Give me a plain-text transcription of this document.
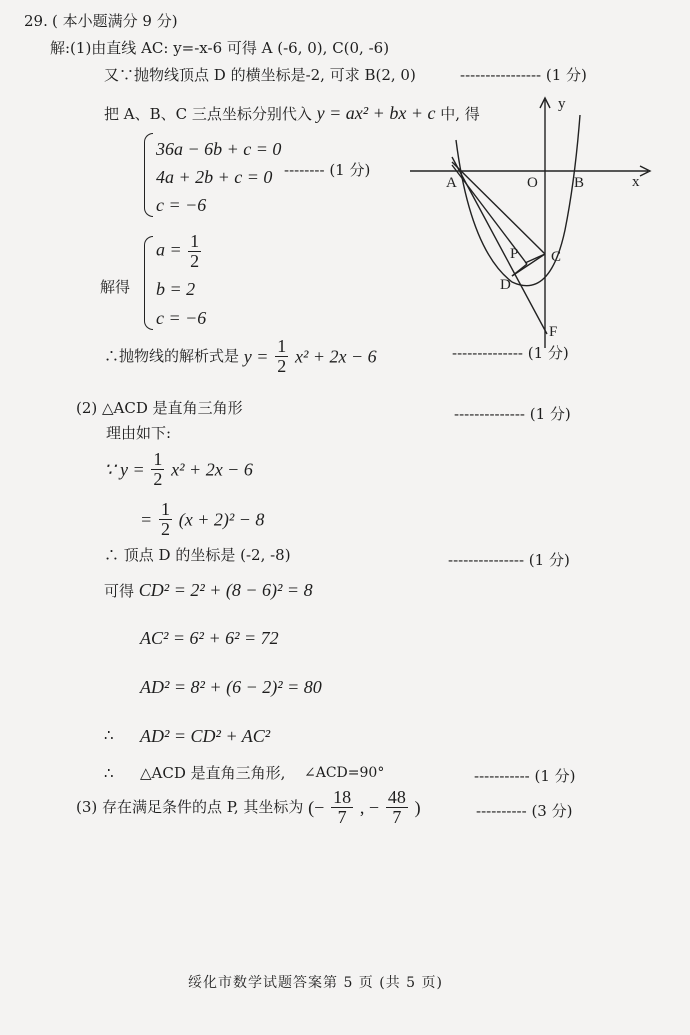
29. ( 本小题满分 9 分)
解:(1)由直线 AC: y=-x-6 可得 A (-6, 0), C(0, -6)
又∵抛物线顶点 D 的横坐标是-2, 可求 B(2, 0)	---------------- (1 分)
把 A、B、C 三点坐标分别代入 y = ax² + bx + c 中, 得
36a − 6b + c = 0
4a + 2b + c = 0
c = −6
-------- (1 分)
解得
$a = \frac{1}{2}$
b = 2
c = −6
∴抛物线的解析式是 $y = \frac{1}{2} x^2 + 2x - 6$	-------------- (1 分)
(2) △ACD 是直角三角形	-------------- (1 分)
理由如下:
∵ $y = \frac{1}{2} x^2 + 2x - 6$
= $\frac{1}{2} (x + 2)^2 - 8$
∴ 顶点 D 的坐标是 (-2, -8)	--------------- (1 分)
可得 CD² = 2² + (8 − 6)² = 8
AC² = 6² + 6² = 72
AD² = 8² + (6 − 2)² = 80
∴ AD² = CD² + AC²
∴ △ACD 是直角三角形, ∠ACD=90°	----------- (1 分)
(3) 存在满足条件的点 P, 其坐标为 (− $\frac{18}{7}$ , − $\frac{48}{7}$ )	---------- (3 分)
y
x
A	O B
P C
D
F
绥化市数学试题答案第 5 页 (共 5 页)
